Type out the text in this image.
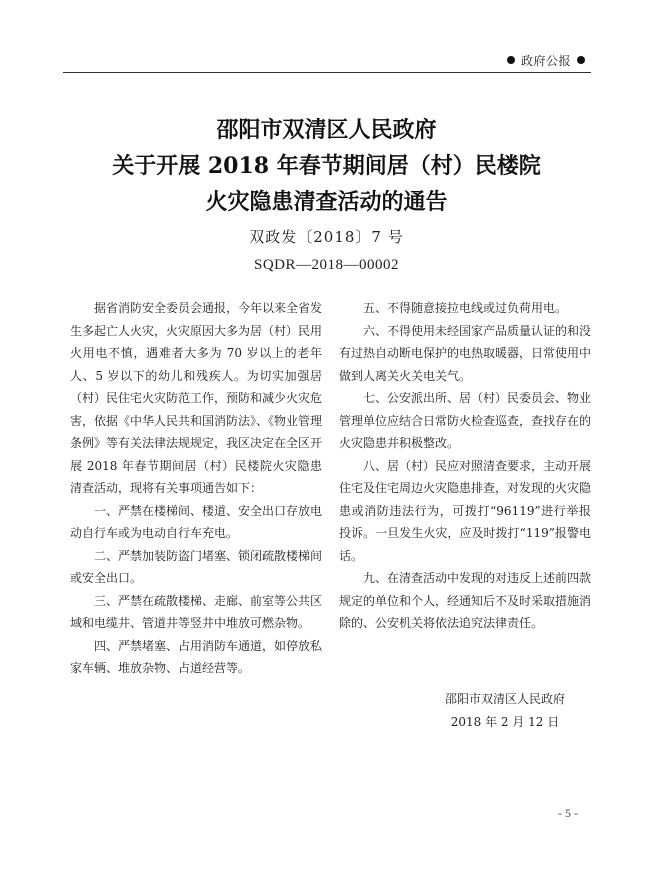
政府公报
邵阳市双清区人民政府
关于开展 2018 年春节期间居（村）民楼院
火灾隐患清查活动的通告
双政发〔2018〕7 号
SQDR—2018—00002

据省消防安全委员会通报，今年以来全省发生多起亡人火灾，火灾原因大多为居（村）民用火用电不慎，遇难者大多为 70 岁以上的老年人、5 岁以下的幼儿和残疾人。为切实加强居（村）民住宅火灾防范工作，预防和减少火灾危害，依据《中华人民共和国消防法》、《物业管理条例》等有关法律法规规定，我区决定在全区开展 2018 年春节期间居（村）民楼院火灾隐患清查活动，现将有关事项通告如下：

一、严禁在楼梯间、楼道、安全出口存放电动自行车或为电动自行车充电。

二、严禁加装防盗门堵塞、锁闭疏散楼梯间或安全出口。

三、严禁在疏散楼梯、走廊、前室等公共区域和电缆井、管道井等竖井中堆放可燃杂物。

四、严禁堵塞、占用消防车通道，如停放私家车辆、堆放杂物、占道经营等。

五、不得随意接拉电线或过负荷用电。

六、不得使用未经国家产品质量认证的和没有过热自动断电保护的电热取暖器，日常使用中做到人离关火关电关气。

七、公安派出所、居（村）民委员会、物业管理单位应结合日常防火检查巡查，查找存在的火灾隐患并积极整改。

八、居（村）民应对照清查要求，主动开展住宅及住宅周边火灾隐患排查，对发现的火灾隐患或消防违法行为，可拨打“96119”进行举报投诉。一旦发生火灾，应及时拨打“119”报警电话。

九、在清查活动中发现的对违反上述前四款规定的单位和个人，经通知后不及时采取措施消除的、公安机关将依法追究法律责任。

邵阳市双清区人民政府
2018 年 2 月 12 日
- 5 -
